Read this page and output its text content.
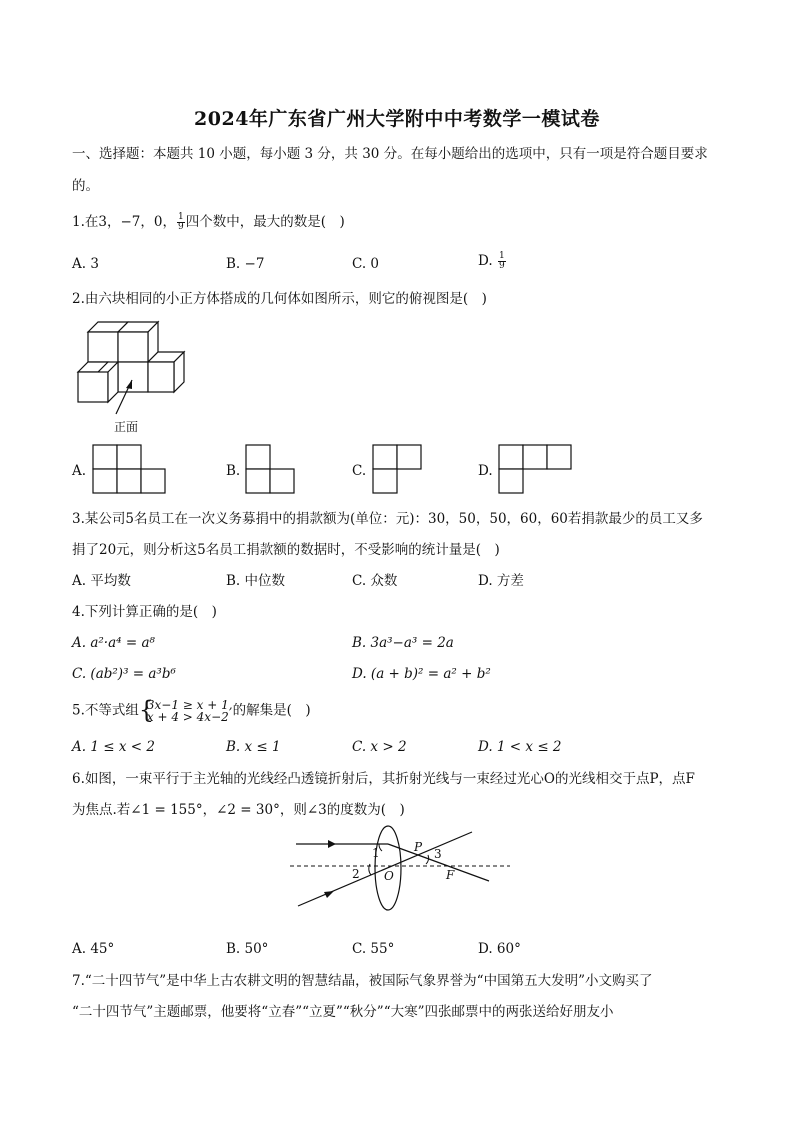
2024年广东省广州大学附中中考数学一模试卷
一、选择题：本题共 10 小题，每小题 3 分，共 30 分。在每小题给出的选项中，只有一项是符合题目要求
的。
1.在3，−7，0， $\frac{1}{9}$ 四个数中，最大的数是(　)
A. 3	B. −7	C. 0	D. $\frac{1}{9}$
2.由六块相同的小正方体搭成的几何体如图所示，则它的俯视图是(　)
正面
A.	B.	C.	D.
3.某公司5名员工在一次义务募捐中的捐款额为(单位：元)：30，50，50，60，60若捐款最少的员工又多
捐了20元，则分析这5名员工捐款额的数据时，不受影响的统计量是(　)
A. 平均数	B. 中位数	C. 众数	D. 方差
4.下列计算正确的是(　)
A. a²·a⁴ = a⁸	B. 3a³−a³ = 2a
C. (ab²)³ = a³b⁶	D. (a + b)² = a² + b²
5.不等式组 {
3x−1 ≥ x + 1,
x + 4 > 4x−2 的解集是(　)
A. 1 ≤ x < 2	B. x ≤ 1	C. x > 2	D. 1 < x ≤ 2
6.如图，一束平行于主光轴的光线经凸透镜折射后，其折射光线与一束经过光心O的光线相交于点P，点F
为焦点.若∠1 = 155°，∠2 = 30°，则∠3的度数为(　)
1
2
3
P
O	F
A. 45°	B. 50°	C. 55°	D. 60°
7.“二十四节气”是中华上古农耕文明的智慧结晶，被国际气象界誉为“中国第五大发明”小文购买了
“二十四节气”主题邮票，他要将“立春”“立夏”“秋分”“大寒”四张邮票中的两张送给好朋友小
